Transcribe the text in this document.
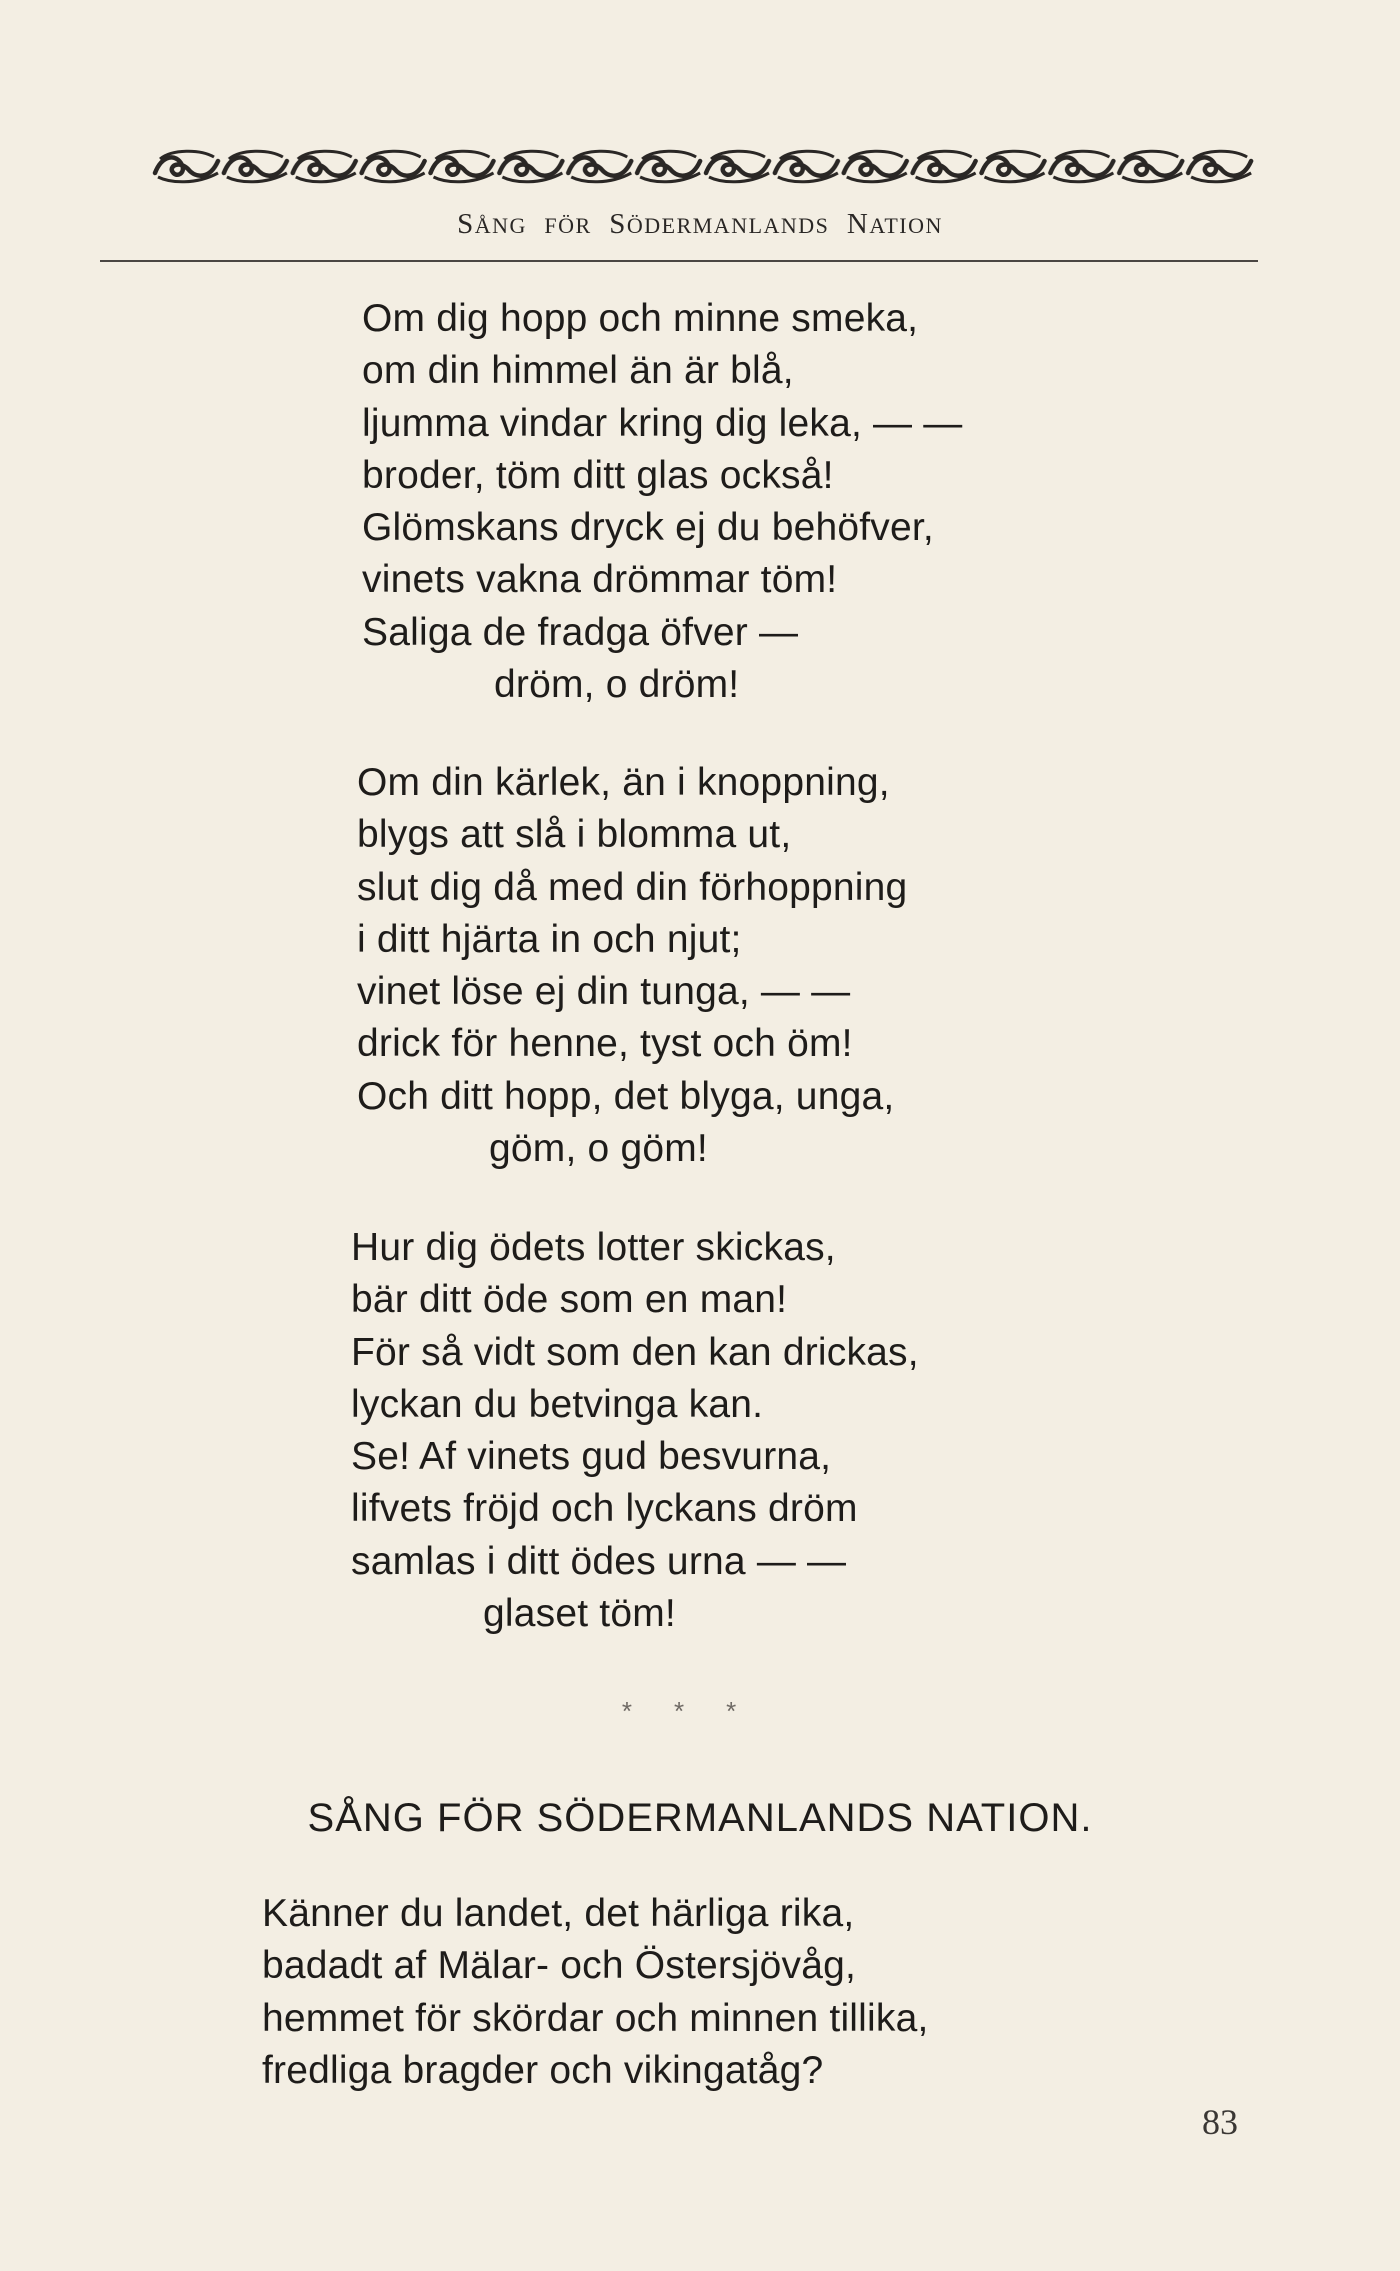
SÅNG FÖR SÖDERMANLANDS NATION
Om dig hopp och minne smeka,
om din himmel än är blå,
ljumma vindar kring dig leka, — —
broder, töm ditt glas också!
Glömskans dryck ej du behöfver,
vinets vakna drömmar töm!
Saliga de fradga öfver —
dröm, o dröm!
Om din kärlek, än i knoppning,
blygs att slå i blomma ut,
slut dig då med din förhoppning
i ditt hjärta in och njut;
vinet löse ej din tunga, — —
drick för henne, tyst och öm!
Och ditt hopp, det blyga, unga,
göm, o göm!
Hur dig ödets lotter skickas,
bär ditt öde som en man!
För så vidt som den kan drickas,
lyckan du betvinga kan.
Se! Af vinets gud besvurna,
lifvets fröjd och lyckans dröm
samlas i ditt ödes urna — —
glaset töm!
***
SÅNG FÖR SÖDERMANLANDS NATION.
Känner du landet, det härliga rika,
badadt af Mälar- och Östersjövåg,
hemmet för skördar och minnen tillika,
fredliga bragder och vikingatåg?
83
